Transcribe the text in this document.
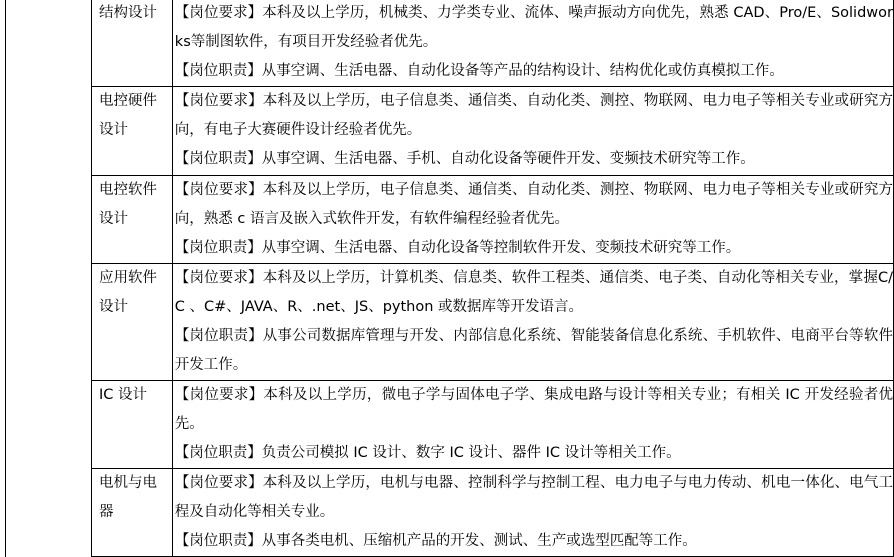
结构设计	【岗位要求】本科及以上学历，机械类、力学类专业、流体、噪声振动方向优先，熟悉 CAD、Pro/E、Solidworks等制图软件，有项目开发经验者优先。
【岗位职责】从事空调、生活电器、自动化设备等产品的结构设计、结构优化或仿真模拟工作。

电控硬件设计	【岗位要求】本科及以上学历，电子信息类、通信类、自动化类、测控、物联网、电力电子等相关专业或研究方向，有电子大赛硬件设计经验者优先。
【岗位职责】从事空调、生活电器、手机、自动化设备等硬件开发、变频技术研究等工作。

电控软件设计	【岗位要求】本科及以上学历，电子信息类、通信类、自动化类、测控、物联网、电力电子等相关专业或研究方向，熟悉 c 语言及嵌入式软件开发，有软件编程经验者优先。
【岗位职责】从事空调、生活电器、自动化设备等控制软件开发、变频技术研究等工作。

应用软件设计	【岗位要求】本科及以上学历，计算机类、信息类、软件工程类、通信类、电子类、自动化等相关专业，掌握C/C 、C#、JAVA、R、.net、JS、python 或数据库等开发语言。
【岗位职责】从事公司数据库管理与开发、内部信息化系统、智能装备信息化系统、手机软件、电商平台等软件开发工作。

IC 设计	【岗位要求】本科及以上学历，微电子学与固体电子学、集成电路与设计等相关专业；有相关 IC 开发经验者优先。
【岗位职责】负责公司模拟 IC 设计、数字 IC 设计、器件 IC 设计等相关工作。

电机与电器	【岗位要求】本科及以上学历，电机与电器、控制科学与控制工程、电力电子与电力传动、机电一体化、电气工程及自动化等相关专业。
【岗位职责】从事各类电机、压缩机产品的开发、测试、生产或选型匹配等工作。
